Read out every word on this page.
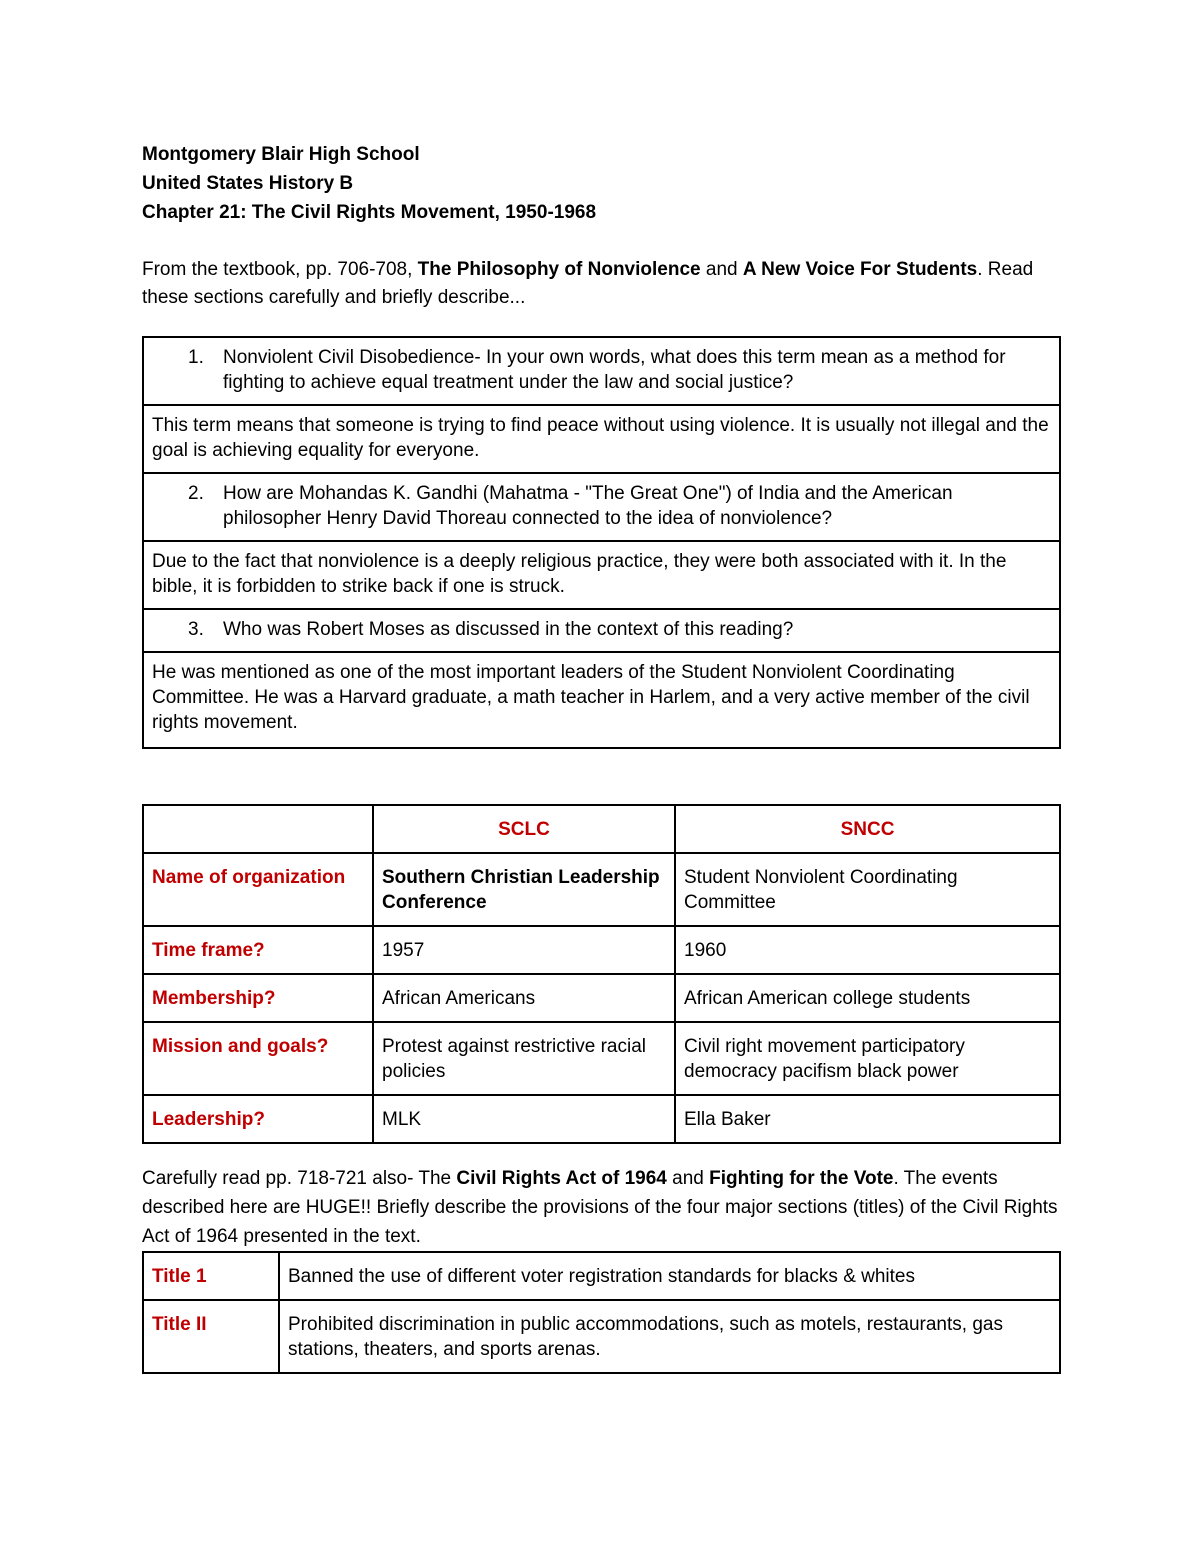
Montgomery Blair High School

United States History B

Chapter 21: The Civil Rights Movement, 1950-1968

From the textbook, pp. 706-708, The Philosophy of Nonviolence and A New Voice For Students. Read these sections carefully and briefly describe...
1. Nonviolent Civil Disobedience- In your own words, what does this term mean as a method for fighting to achieve equal treatment under the law and social justice?
This term means that someone is trying to find peace without using violence. It is usually not illegal and the goal is achieving equality for everyone.
2. How are Mohandas K. Gandhi (Mahatma - "The Great One") of India and the American philosopher Henry David Thoreau connected to the idea of nonviolence?
Due to the fact that nonviolence is a deeply religious practice, they were both associated with it. In the bible, it is forbidden to strike back if one is struck.
3. Who was Robert Moses as discussed in the context of this reading?
He was mentioned as one of the most important leaders of the Student Nonviolent Coordinating Committee. He was a Harvard graduate, a math teacher in Harlem, and a very active member of the civil rights movement.
	SCLC	SNCC
Name of organization	Southern Christian Leadership Conference	Student Nonviolent Coordinating Committee
Time frame?	1957	1960
Membership?	African Americans	African American college students
Mission and goals?	Protest against restrictive racial policies	Civil right movement participatory democracy pacifism black power
Leadership?	MLK	Ella Baker
Carefully read pp. 718-721 also- The Civil Rights Act of 1964 and Fighting for the Vote. The events described here are HUGE!! Briefly describe the provisions of the four major sections (titles) of the Civil Rights Act of 1964 presented in the text.
Title 1	Banned the use of different voter registration standards for blacks & whites
Title II	Prohibited discrimination in public accommodations, such as motels, restaurants, gas stations, theaters, and sports arenas.
